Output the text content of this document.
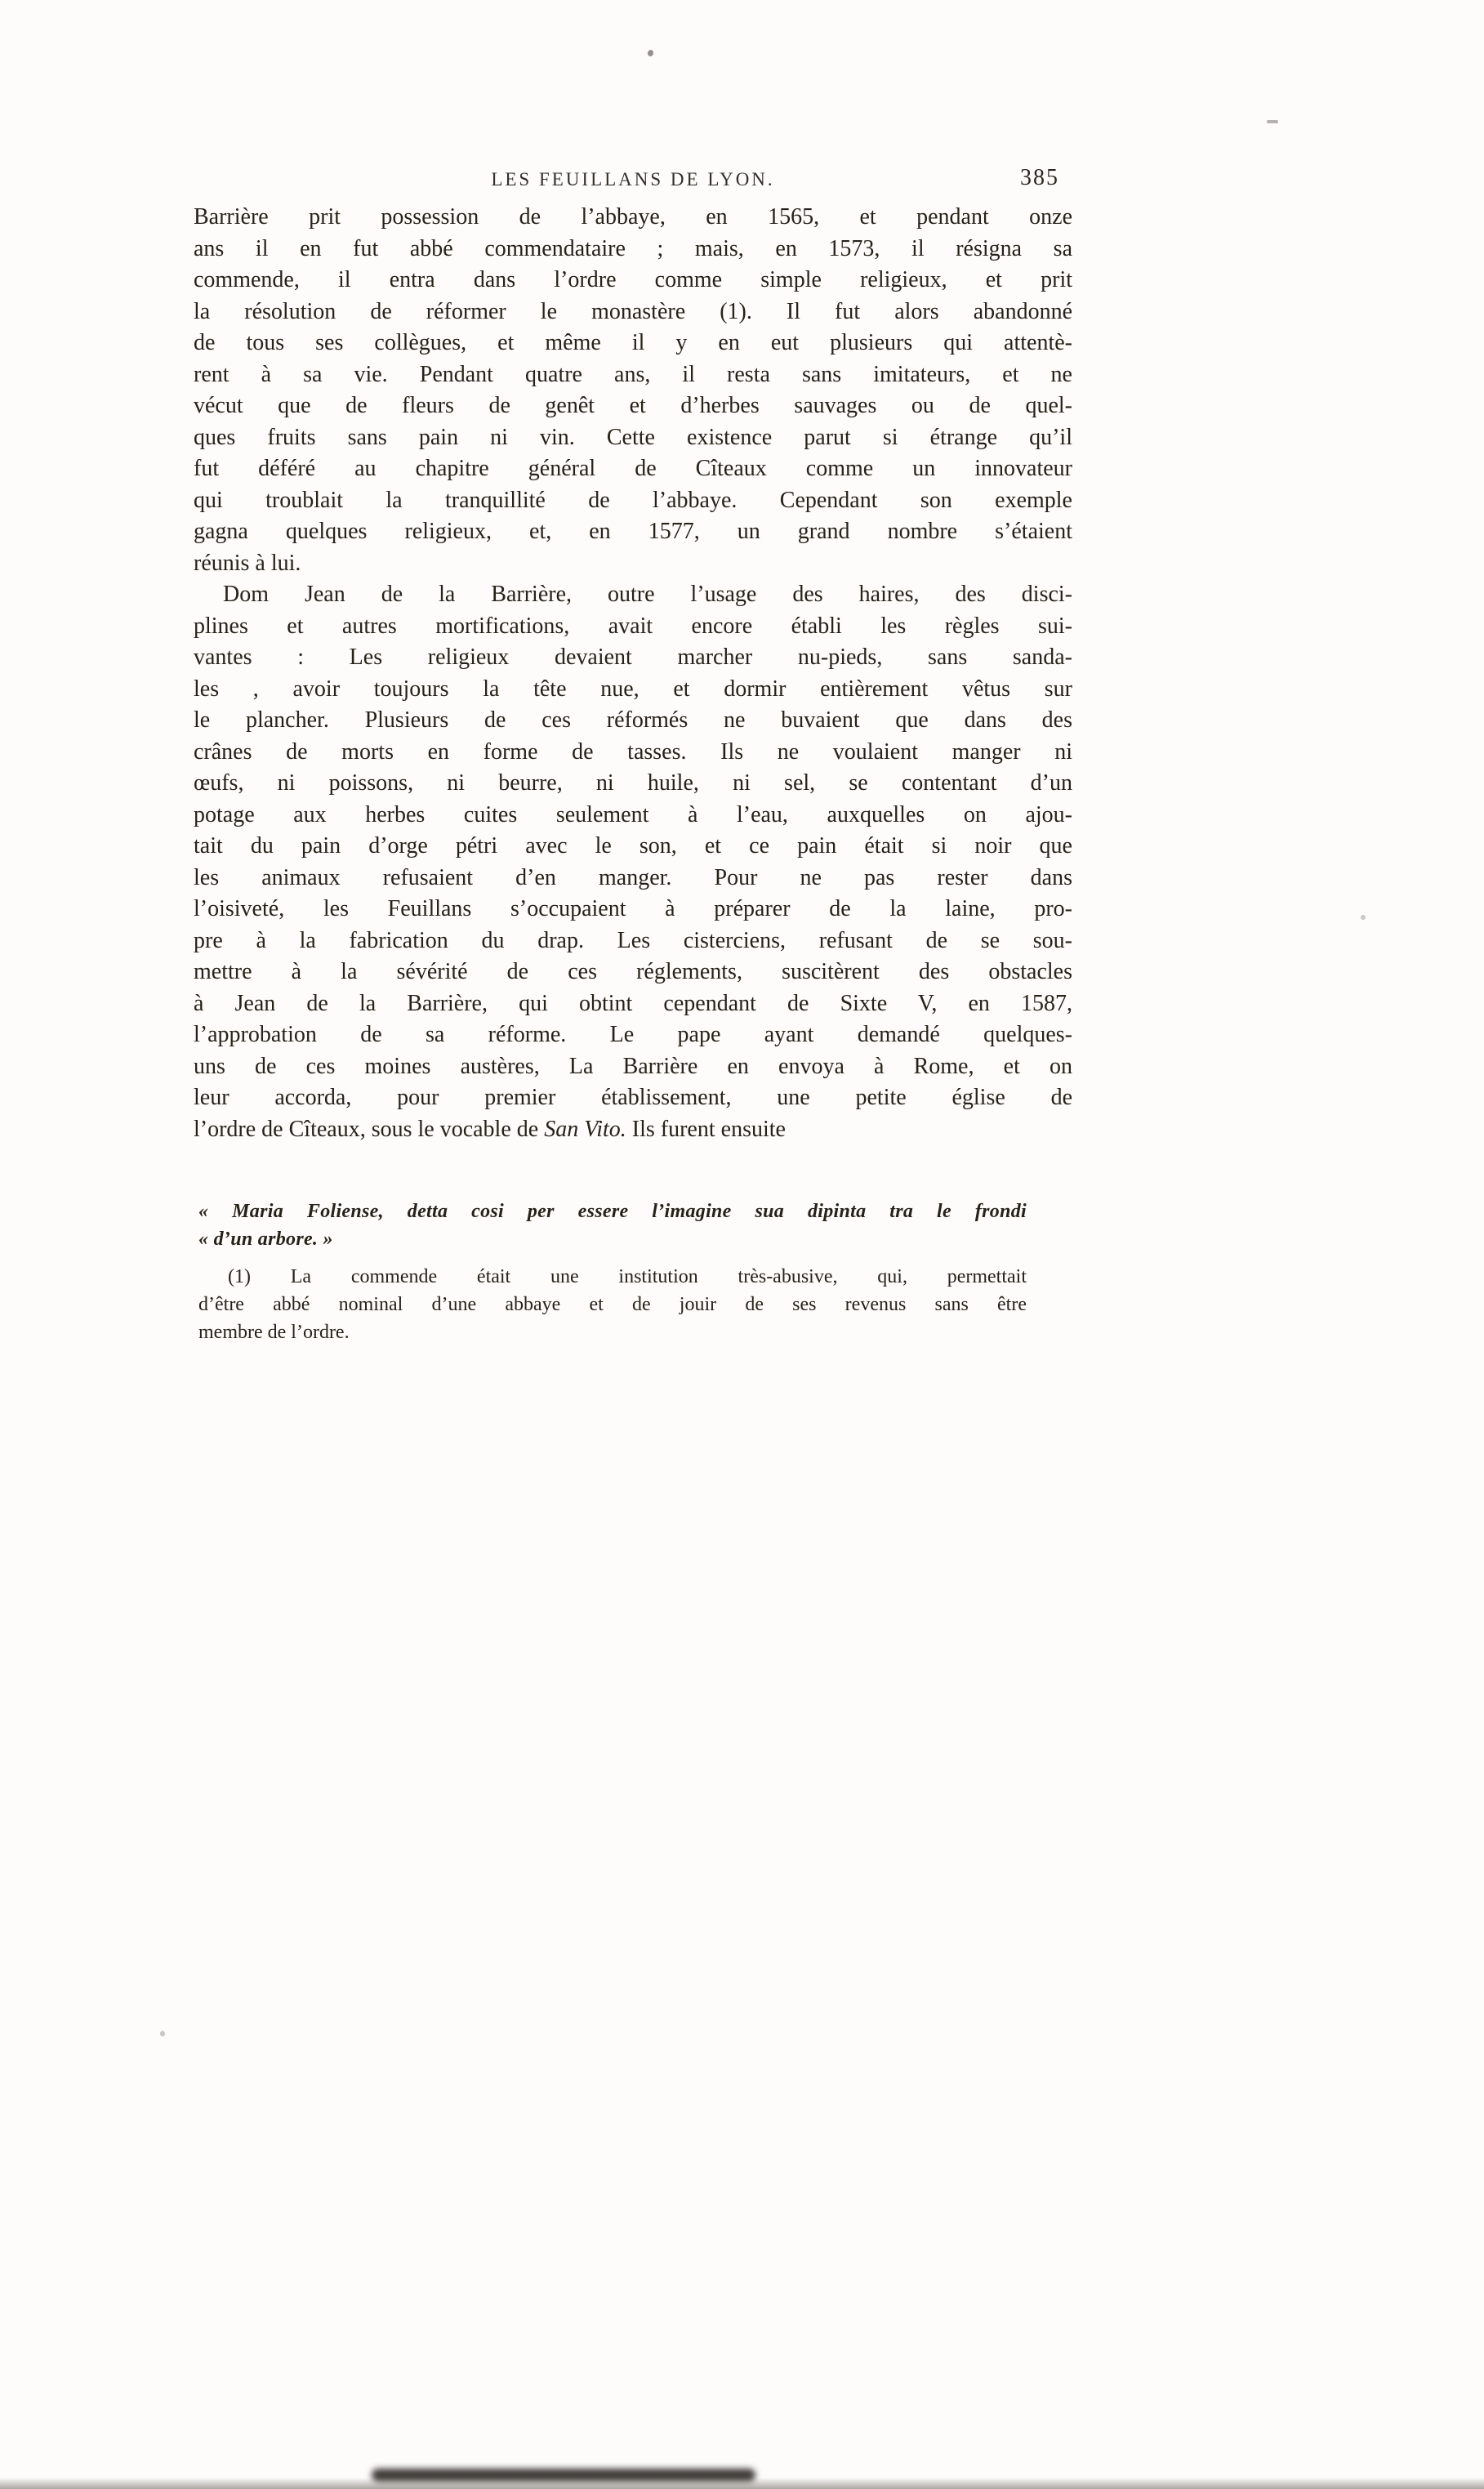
LES FEUILLANS DE LYON.	385
Barrière prit possession de l’abbaye, en 1565, et pendant onze
ans il en fut abbé commendataire ; mais, en 1573, il résigna sa
commende, il entra dans l’ordre comme simple religieux, et prit
la résolution de réformer le monastère (1). Il fut alors abandonné
de tous ses collègues, et même il y en eut plusieurs qui attentè-
rent à sa vie. Pendant quatre ans, il resta sans imitateurs, et ne
vécut que de fleurs de genêt et d’herbes sauvages ou de quel-
ques fruits sans pain ni vin. Cette existence parut si étrange qu’il
fut déféré au chapitre général de Cîteaux comme un innovateur
qui troublait la tranquillité de l’abbaye. Cependant son exemple
gagna quelques religieux, et, en 1577, un grand nombre s’étaient
réunis à lui.
Dom Jean de la Barrière, outre l’usage des haires, des disci-
plines et autres mortifications, avait encore établi les règles sui-
vantes : Les religieux devaient marcher nu-pieds, sans sanda-
les , avoir toujours la tête nue, et dormir entièrement vêtus sur
le plancher. Plusieurs de ces réformés ne buvaient que dans des
crânes de morts en forme de tasses. Ils ne voulaient manger ni
œufs, ni poissons, ni beurre, ni huile, ni sel, se contentant d’un
potage aux herbes cuites seulement à l’eau, auxquelles on ajou-
tait du pain d’orge pétri avec le son, et ce pain était si noir que
les animaux refusaient d’en manger. Pour ne pas rester dans
l’oisiveté, les Feuillans s’occupaient à préparer de la laine, pro-
pre à la fabrication du drap. Les cisterciens, refusant de se sou-
mettre à la sévérité de ces réglements, suscitèrent des obstacles
à Jean de la Barrière, qui obtint cependant de Sixte V, en 1587,
l’approbation de sa réforme. Le pape ayant demandé quelques-
uns de ces moines austères, La Barrière en envoya à Rome, et on
leur accorda, pour premier établissement, une petite église de
l’ordre de Cîteaux, sous le vocable de San Vito. Ils furent ensuite
« Maria Foliense, detta cosi per essere l’imagine sua dipinta tra le frondi
« d’un arbore. »
(1) La commende était une institution très-abusive, qui, permettait
d’être abbé nominal d’une abbaye et de jouir de ses revenus sans être
membre de l’ordre.
